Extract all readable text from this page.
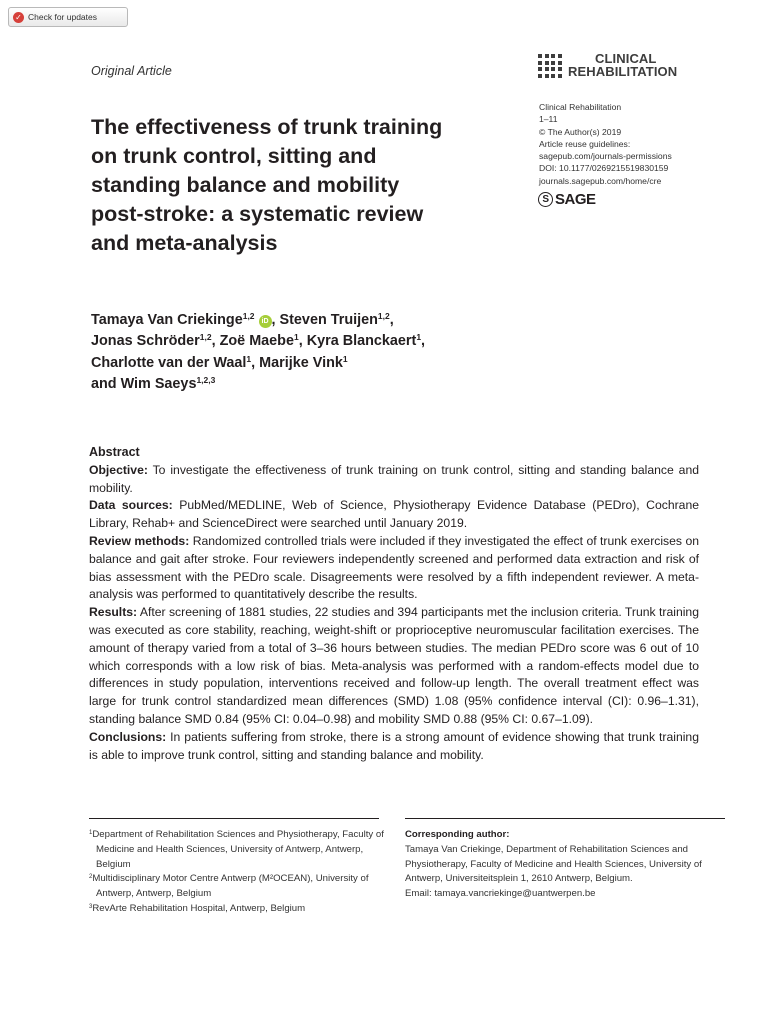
✓ Check for updates
Original Article
CLINICAL
REHABILITATION
Clinical Rehabilitation
1–11
© The Author(s) 2019
Article reuse guidelines:
sagepub.com/journals-permissions
DOI: 10.1177/0269215519830159
journals.sagepub.com/home/cre
S SAGE
The effectiveness of trunk training
on trunk control, sitting and
standing balance and mobility
post-stroke: a systematic review
and meta-analysis
Tamaya Van Criekinge$^{1,2}$ iD , Steven Truijen$^{1,2}$,
Jonas Schröder$^{1,2}$, Zoë Maebe$^1$, Kyra Blanckaert$^1$,
Charlotte van der Waal$^1$, Marijke Vink$^1$
and Wim Saeys$^{1,2,3}$
Abstract

Objective: To investigate the effectiveness of trunk training on trunk control, sitting and standing balance and mobility.

Data sources: PubMed/MEDLINE, Web of Science, Physiotherapy Evidence Database (PEDro), Cochrane Library, Rehab+ and ScienceDirect were searched until January 2019.

Review methods: Randomized controlled trials were included if they investigated the effect of trunk exercises on balance and gait after stroke. Four reviewers independently screened and performed data extraction and risk of bias assessment with the PEDro scale. Disagreements were resolved by a fifth independent reviewer. A meta-analysis was performed to quantitatively describe the results.

Results: After screening of 1881 studies, 22 studies and 394 participants met the inclusion criteria. Trunk training was executed as core stability, reaching, weight-shift or proprioceptive neuromuscular facilitation exercises. The amount of therapy varied from a total of 3–36 hours between studies. The median PEDro score was 6 out of 10 which corresponds with a low risk of bias. Meta-analysis was performed with a random-effects model due to differences in study population, interventions received and follow-up length. The overall treatment effect was large for trunk control standardized mean differences (SMD) 1.08 (95% confidence interval (CI): 0.96–1.31), standing balance SMD 0.84 (95% CI: 0.04–0.98) and mobility SMD 0.88 (95% CI: 0.67–1.09).

Conclusions: In patients suffering from stroke, there is a strong amount of evidence showing that trunk training is able to improve trunk control, sitting and standing balance and mobility.

$^1$Department of Rehabilitation Sciences and Physiotherapy, Faculty of Medicine and Health Sciences, University of Antwerp, Antwerp, Belgium
$^2$Multidisciplinary Motor Centre Antwerp (M²OCEAN), University of Antwerp, Antwerp, Belgium
$^3$RevArte Rehabilitation Hospital, Antwerp, Belgium
Corresponding author:
Tamaya Van Criekinge, Department of Rehabilitation Sciences and Physiotherapy, Faculty of Medicine and Health Sciences, University of Antwerp, Universiteitsplein 1, 2610 Antwerp, Belgium.
Email: tamaya.vancriekinge@uantwerpen.be
